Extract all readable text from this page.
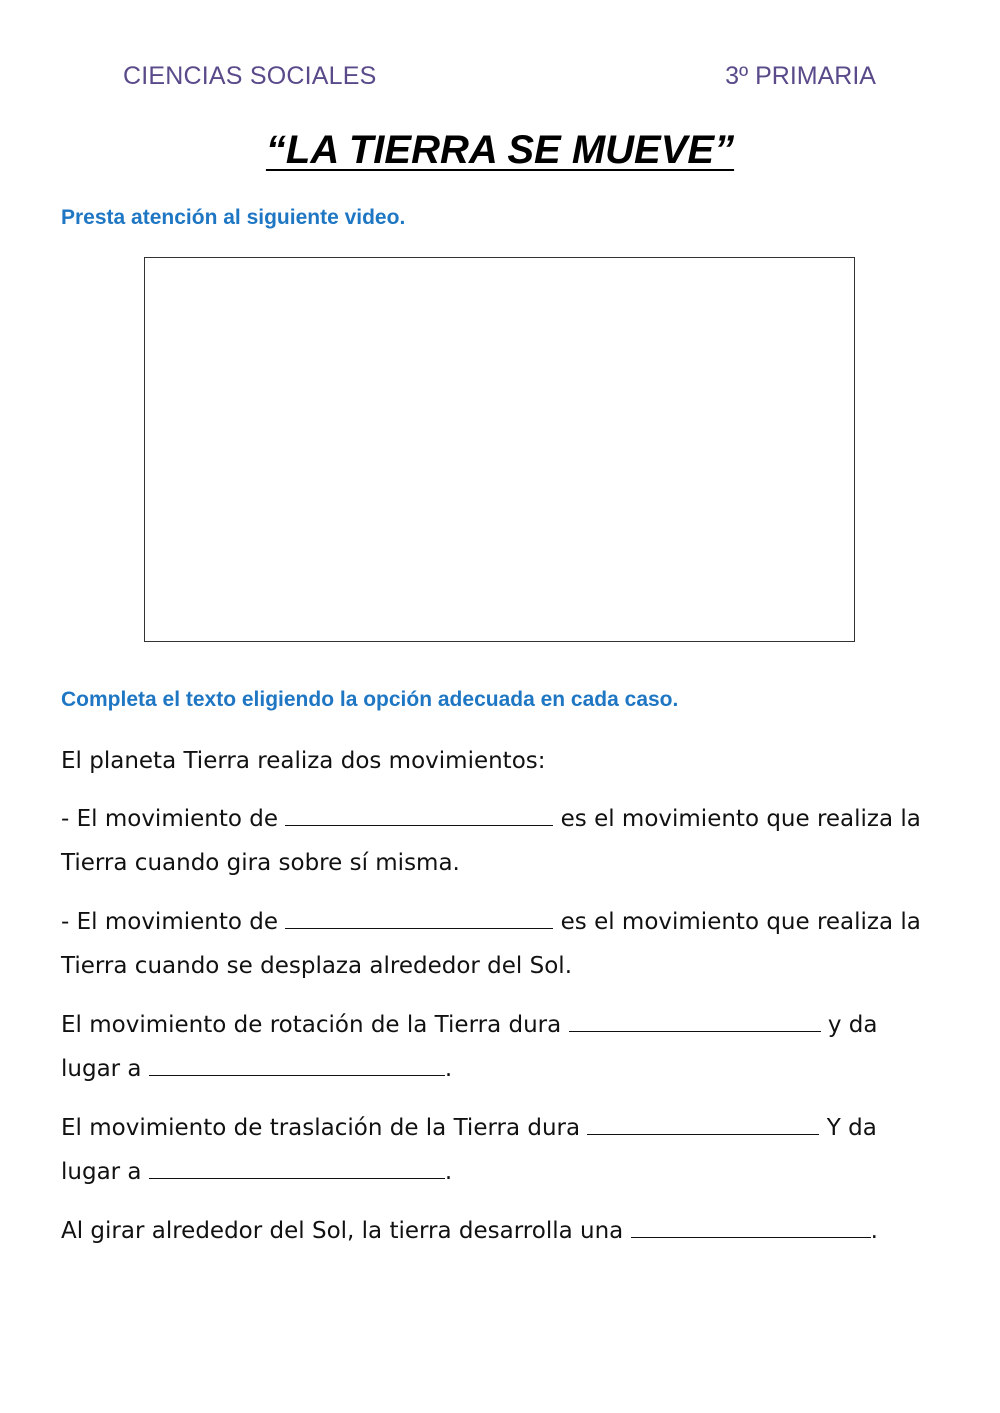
CIENCIAS SOCIALES	3º PRIMARIA
“LA TIERRA SE MUEVE”
Presta atención al siguiente video.
Completa el texto eligiendo la opción adecuada en cada caso.
El planeta Tierra realiza dos movimientos:
- El movimiento de	es el movimiento que realiza la Tierra cuando gira sobre sí misma.
- El movimiento de	es el movimiento que realiza la Tierra cuando se desplaza alrededor del Sol.
El movimiento de rotación de la Tierra dura	y da lugar a	.
El movimiento de traslación de la Tierra dura	Y da lugar a	.
Al girar alrededor del Sol, la tierra desarrolla una	.
